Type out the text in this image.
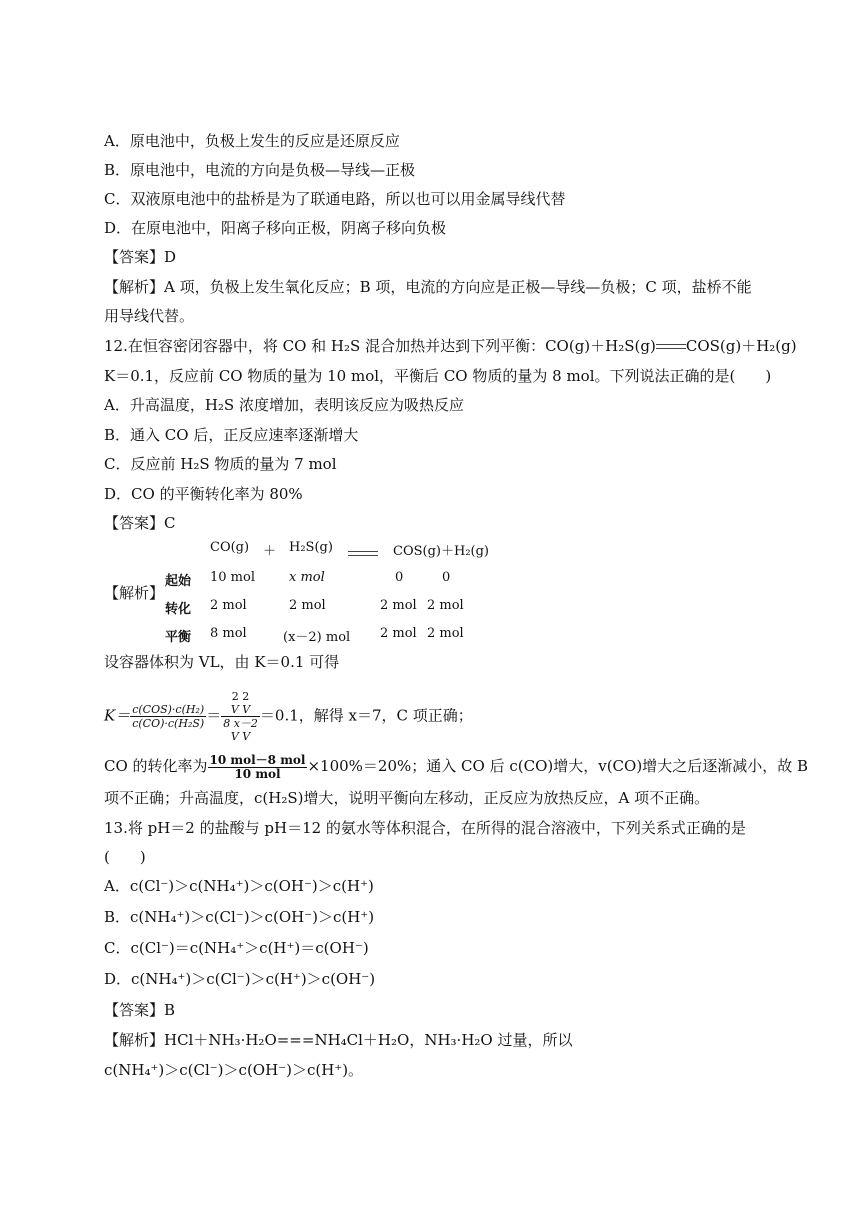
A．原电池中，负极上发生的反应是还原反应
B．原电池中，电流的方向是负极—导线—正极
C．双液原电池中的盐桥是为了联通电路，所以也可以用金属导线代替
D．在原电池中，阳离子移向正极，阴离子移向负极
【答案】D
【解析】A 项，负极上发生氧化反应；B 项，电流的方向应是正极—导线—负极；C 项，盐桥不能
用导线代替。
12.在恒容密闭容器中，将 CO 和 H₂S 混合加热并达到下列平衡：CO(g)＋H₂S(g) COS(g)＋H₂(g)
K＝0.1，反应前 CO 物质的量为 10 mol，平衡后 CO 物质的量为 8 mol。下列说法正确的是(　　)
A．升高温度，H₂S 浓度增加，表明该反应为吸热反应
B．通入 CO 后，正反应速率逐渐增大
C．反应前 H₂S 物质的量为 7 mol
D．CO 的平衡转化率为 80%
【答案】C
【解析】
CO(g) ＋ H₂S(g)	COS(g)＋H₂(g)
起始 10 mol	x mol	0	0
转化 2 mol	2 mol	2 mol 2 mol
平衡 8 mol	(x－2) mol 2 mol 2 mol
设容器体积为 VL，由 K＝0.1 可得
$K= \frac{\text{c(COS)·c(H₂)}}{\text{c(CO)·c(H₂S)}}$ ＝
2 2
V V
8 x－2
V V
＝0.1，解得 x＝7，C 项正确；
CO 的转化率为 $\frac{\text{10 mol－8 mol}}{\text{10 mol}} \times 100\%=20\%$；通入 CO 后 c(CO)增大，v(CO)增大之后逐渐减小，故 B
项不正确；升高温度，c(H₂S)增大，说明平衡向左移动，正反应为放热反应，A 项不正确。
13.将 pH＝2 的盐酸与 pH＝12 的氨水等体积混合，在所得的混合溶液中，下列关系式正确的是
(　　)
A．c(Cl⁻)＞c(NH₄⁺)＞c(OH⁻)＞c(H⁺)
B．c(NH₄⁺)＞c(Cl⁻)＞c(OH⁻)＞c(H⁺)
C．c(Cl⁻)＝c(NH₄⁺＞c(H⁺)＝c(OH⁻)
D．c(NH₄⁺)＞c(Cl⁻)＞c(H⁺)＞c(OH⁻)
【答案】B
【解析】HCl＋NH₃·H₂O===NH₄Cl＋H₂O，NH₃·H₂O 过量，所以
c(NH₄⁺)＞c(Cl⁻)＞c(OH⁻)＞c(H⁺)。
